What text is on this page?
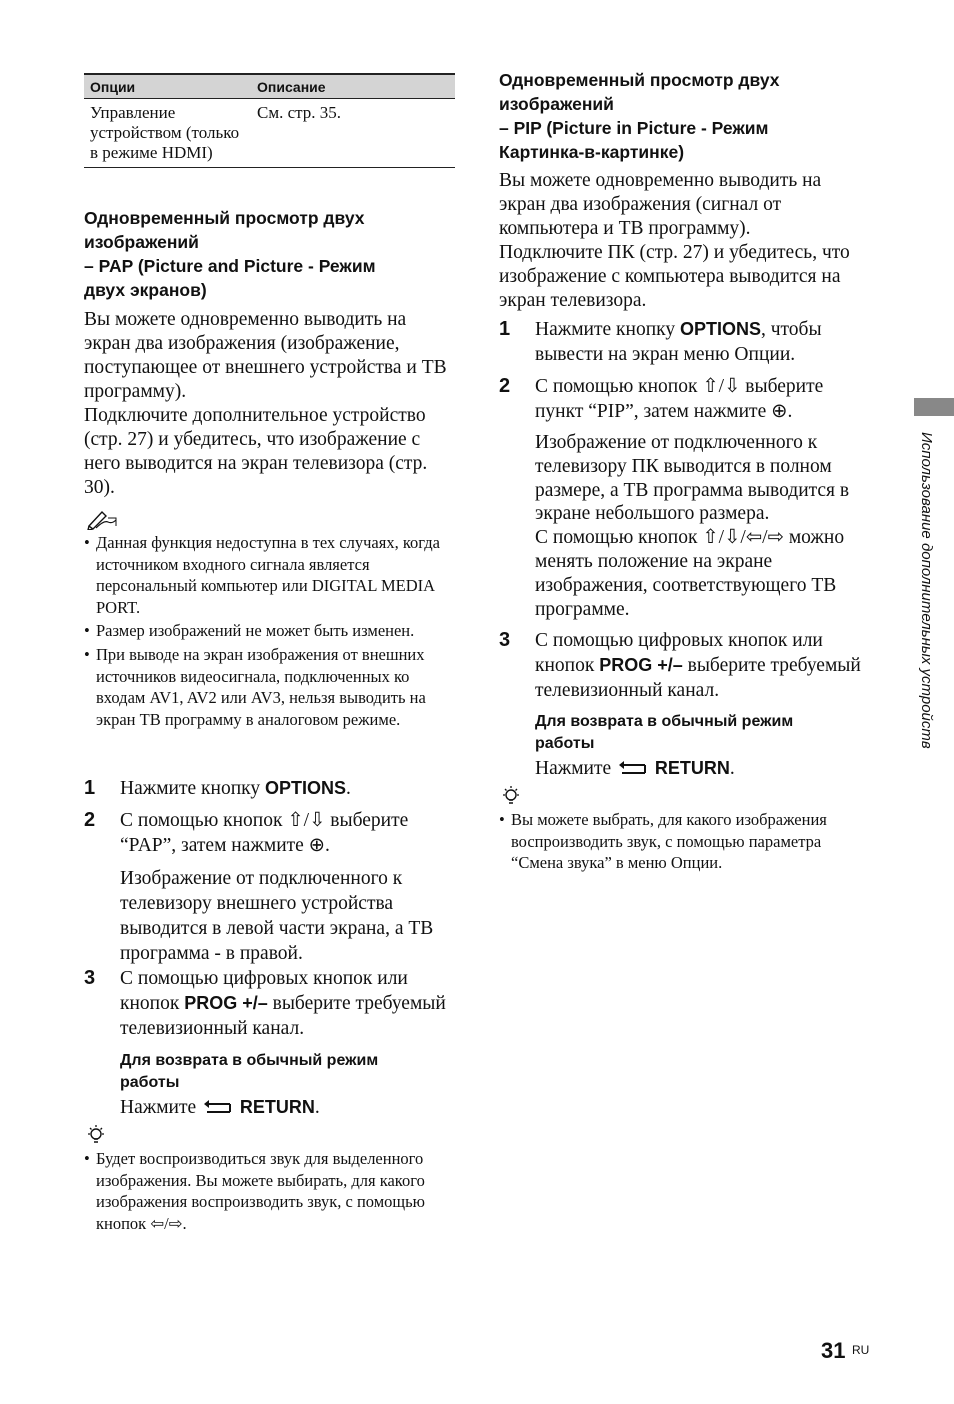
Опции	Описание
Управление устройством (только в режиме HDMI)	См. стр. 35.
Одновременный просмотр двух
изображений
– PAP (Picture and Picture - Режим
двух экранов)

Вы можете одновременно выводить на экран два изображения (изображение, поступающее от внешнего устройства и ТВ программу).
Подключите дополнительное устройство (стр. 27) и убедитесь, что изображение с него выводится на экран телевизора (стр. 30).

• Данная функция недоступна в тех случаях, когда источником входного сигнала является персональный компьютер или DIGITAL MEDIA PORT.
• Размер изображений не может быть изменен.
• При выводе на экран изображения от внешних источников видеосигнала, подключенных ко входам AV1, AV2 или AV3, нельзя выводить на экран ТВ программу в аналоговом режиме.
1 Нажмите кнопку OPTIONS.
2 С помощью кнопок ⇧/⇩ выберите “PAP”, затем нажмите ⊕.
Изображение от подключенного к телевизору внешнего устройства выводится в левой части экрана, а ТВ программа - в правой.
3 С помощью цифровых кнопок или кнопок PROG +/– выберите требуемый телевизионный канал.
Для возврата в обычный режим работы
Нажмите RETURN.
• Будет воспроизводиться звук для выделенного изображения. Вы можете выбирать, для какого изображения воспроизводить звук, с помощью кнопок ⇦/⇨.
Одновременный просмотр двух
изображений
– PIP (Picture in Picture - Режим
Картинка-в-картинке)

Вы можете одновременно выводить на экран два изображения (сигнал от компьютера и ТВ программу).
Подключите ПК (стр. 27) и убедитесь, что изображение с компьютера выводится на экран телевизора.

1 Нажмите кнопку OPTIONS, чтобы вывести на экран меню Опции.
2 С помощью кнопок ⇧/⇩ выберите пункт “PIP”, затем нажмите ⊕.
Изображение от подключенного к телевизору ПК выводится в полном размере, а ТВ программа выводится в экране небольшого размера.
С помощью кнопок ⇧/⇩/⇦/⇨ можно менять положение на экране изображения, соответствующего ТВ программе.
3 С помощью цифровых кнопок или кнопок PROG +/– выберите требуемый телевизионный канал.
Для возврата в обычный режим работы
Нажмите RETURN.
• Вы можете выбрать, для какого изображения воспроизводить звук, с помощью параметра “Смена звука” в меню Опции.
Использование дополнительных устройств
31 RU
